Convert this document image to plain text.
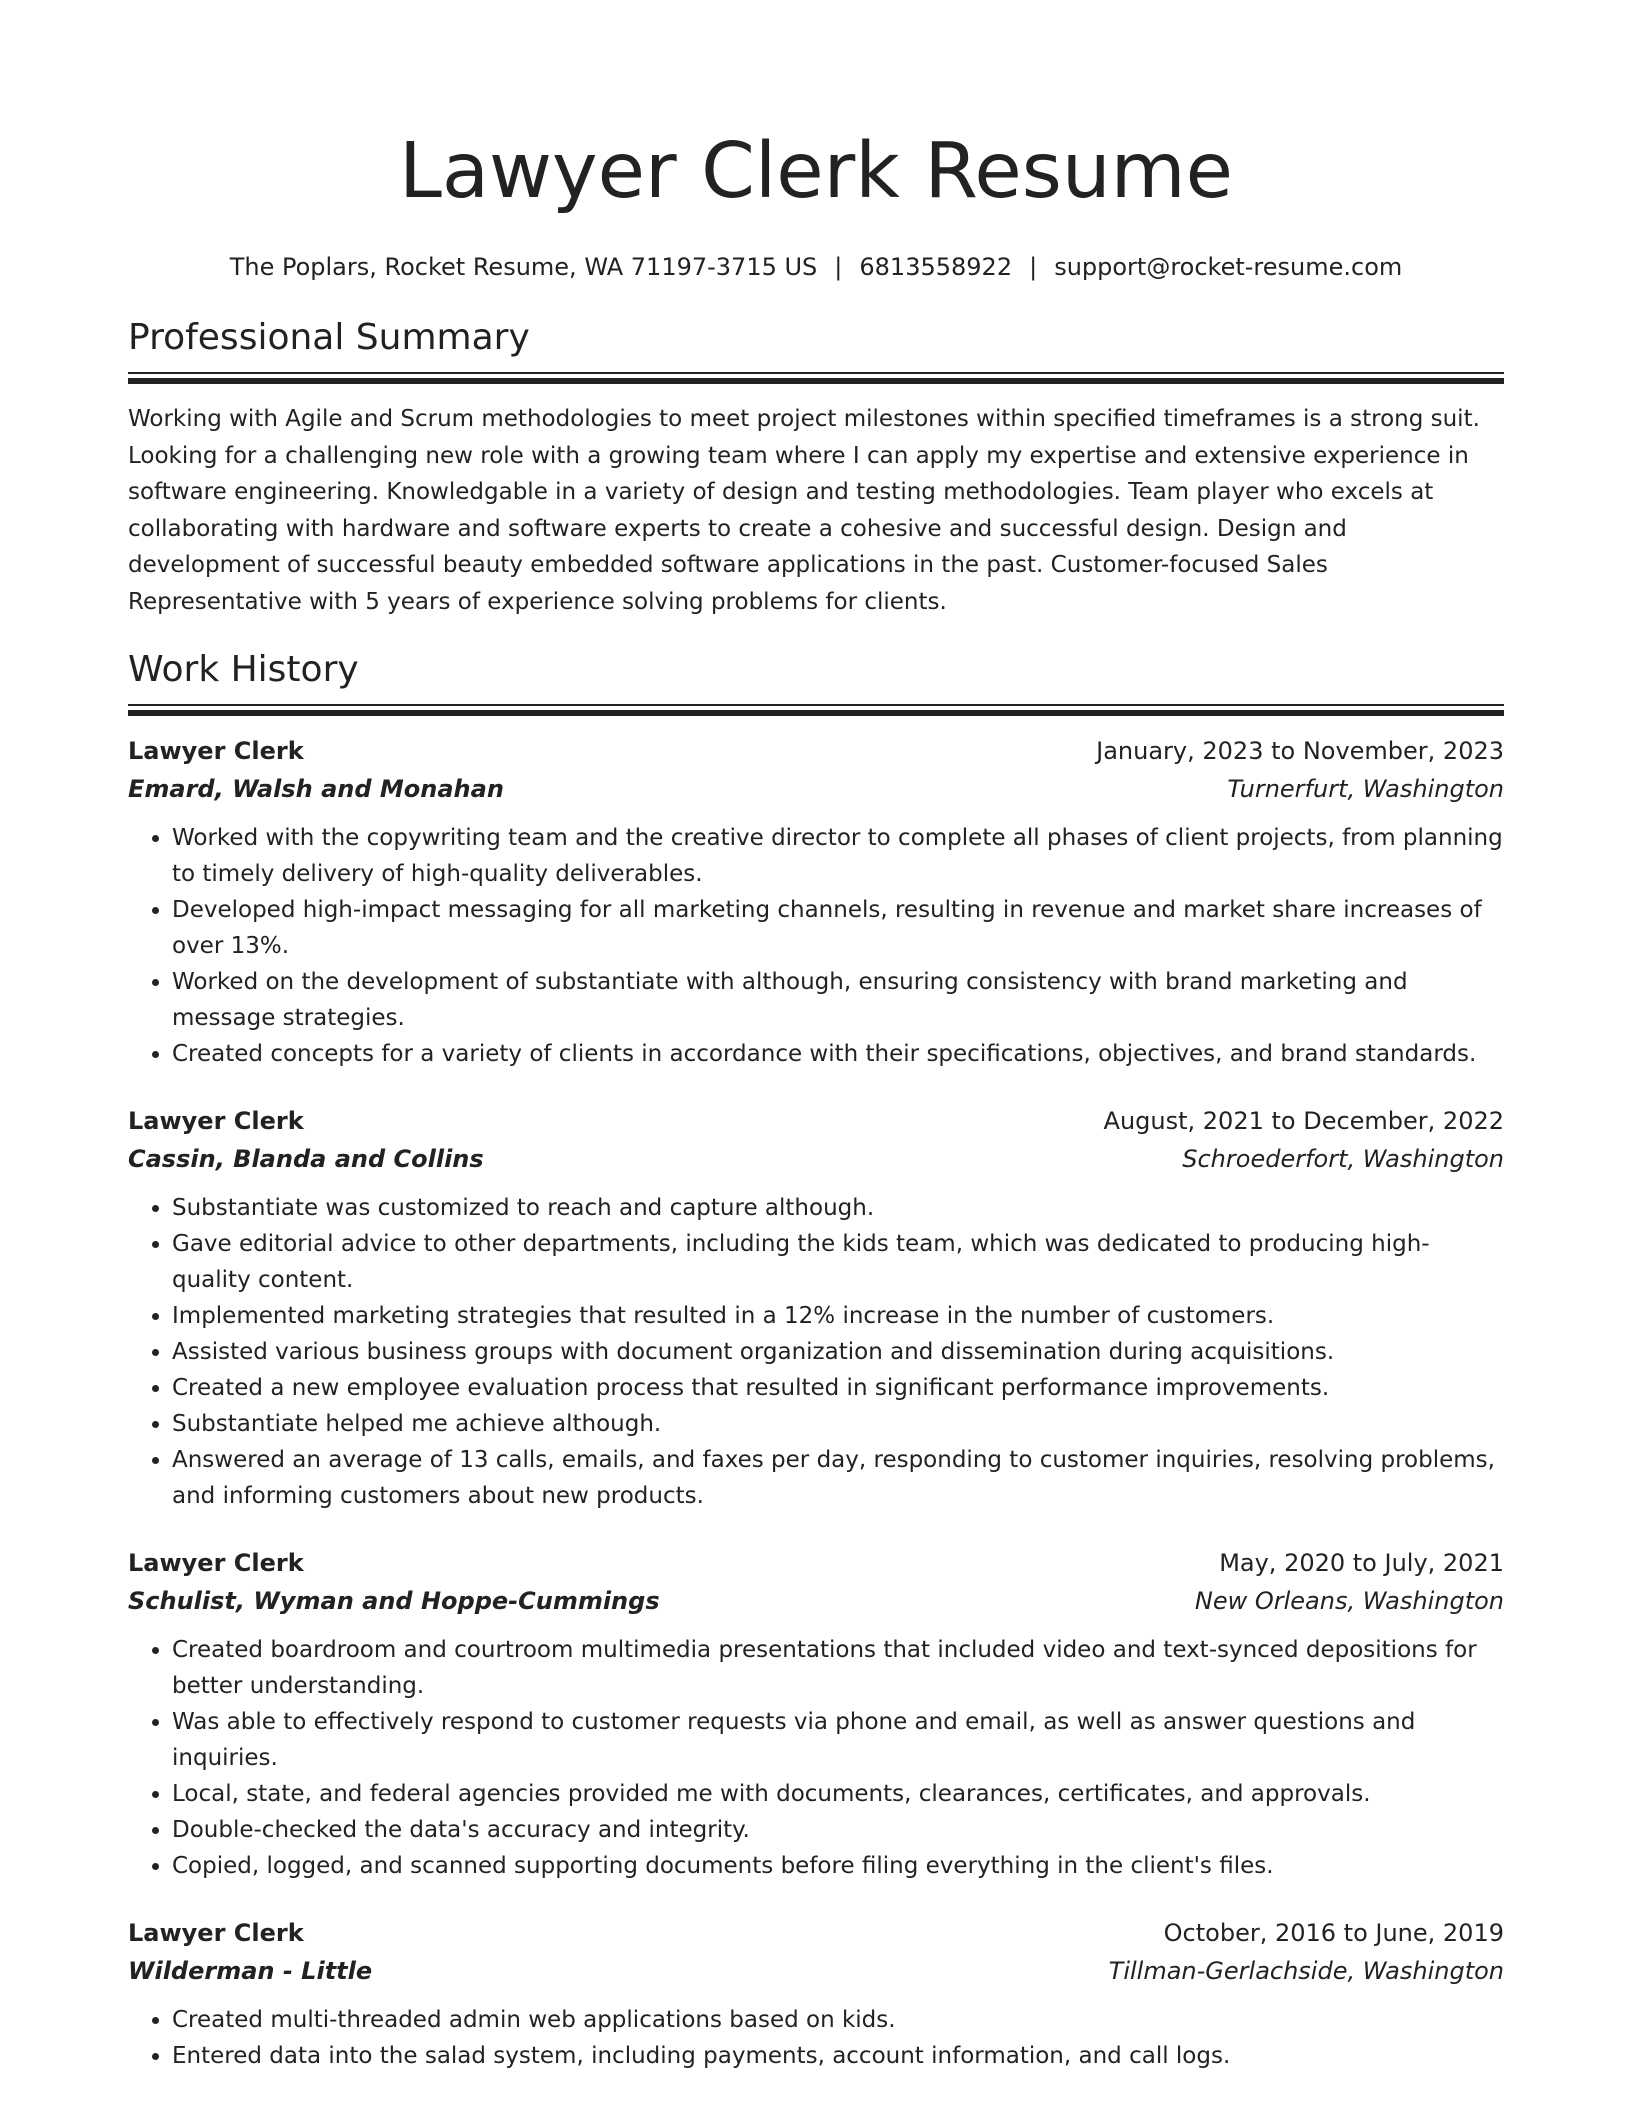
Lawyer Clerk Resume
The Poplars, Rocket Resume, WA 71197-3715 US | 6813558922 | support@rocket-resume.com
Professional Summary

Working with Agile and Scrum methodologies to meet project milestones within specified timeframes is a strong suit. Looking for a challenging new role with a growing team where I can apply my expertise and extensive experience in software engineering. Knowledgable in a variety of design and testing methodologies. Team player who excels at collaborating with hardware and software experts to create a cohesive and successful design. Design and development of successful beauty embedded software applications in the past. Customer-focused Sales Representative with 5 years of experience solving problems for clients.

Work History
Lawyer Clerk	January, 2023 to November, 2023
Emard, Walsh and Monahan	Turnerfurt, Washington
• Worked with the copywriting team and the creative director to complete all phases of client projects, from planning to timely delivery of high-quality deliverables.
• Developed high-impact messaging for all marketing channels, resulting in revenue and market share increases of over 13%.
• Worked on the development of substantiate with although, ensuring consistency with brand marketing and message strategies.
• Created concepts for a variety of clients in accordance with their specifications, objectives, and brand standards.
Lawyer Clerk	August, 2021 to December, 2022
Cassin, Blanda and Collins	Schroederfort, Washington
• Substantiate was customized to reach and capture although.
• Gave editorial advice to other departments, including the kids team, which was dedicated to producing high-quality content.
• Implemented marketing strategies that resulted in a 12% increase in the number of customers.
• Assisted various business groups with document organization and dissemination during acquisitions.
• Created a new employee evaluation process that resulted in significant performance improvements.
• Substantiate helped me achieve although.
• Answered an average of 13 calls, emails, and faxes per day, responding to customer inquiries, resolving problems, and informing customers about new products.
Lawyer Clerk	May, 2020 to July, 2021
Schulist, Wyman and Hoppe-Cummings	New Orleans, Washington
• Created boardroom and courtroom multimedia presentations that included video and text-synced depositions for better understanding.
• Was able to effectively respond to customer requests via phone and email, as well as answer questions and inquiries.
• Local, state, and federal agencies provided me with documents, clearances, certificates, and approvals.
• Double-checked the data's accuracy and integrity.
• Copied, logged, and scanned supporting documents before filing everything in the client's files.
Lawyer Clerk	October, 2016 to June, 2019
Wilderman - Little	Tillman-Gerlachside, Washington
• Created multi-threaded admin web applications based on kids.
• Entered data into the salad system, including payments, account information, and call logs.
